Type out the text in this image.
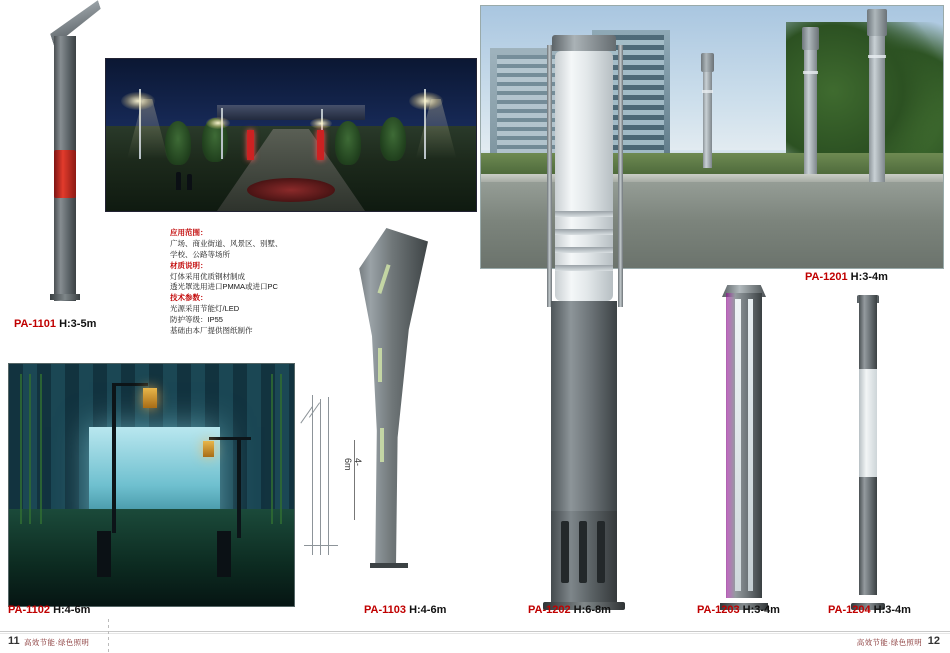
PA-1101 H:3-5m

应用范围：

广场、商业街道、风景区、别墅、

学校、公路等场所

材质说明：

灯体采用优质钢材制成

透光罩选用进口PMMA或进口PC

技术参数：

光源采用节能灯/LED

防护等级：IP55

基础由本厂提供图纸制作

PA-1201 H:3-4m
PA-1102 H:4-6m
4-6m
PA-1103 H:4-6m	PA-1202 H:6-8m	PA-1203 H:3-4m	PA-1204 H:3-4m
11 高效节能·绿色照明	高效节能·绿色照明 12
